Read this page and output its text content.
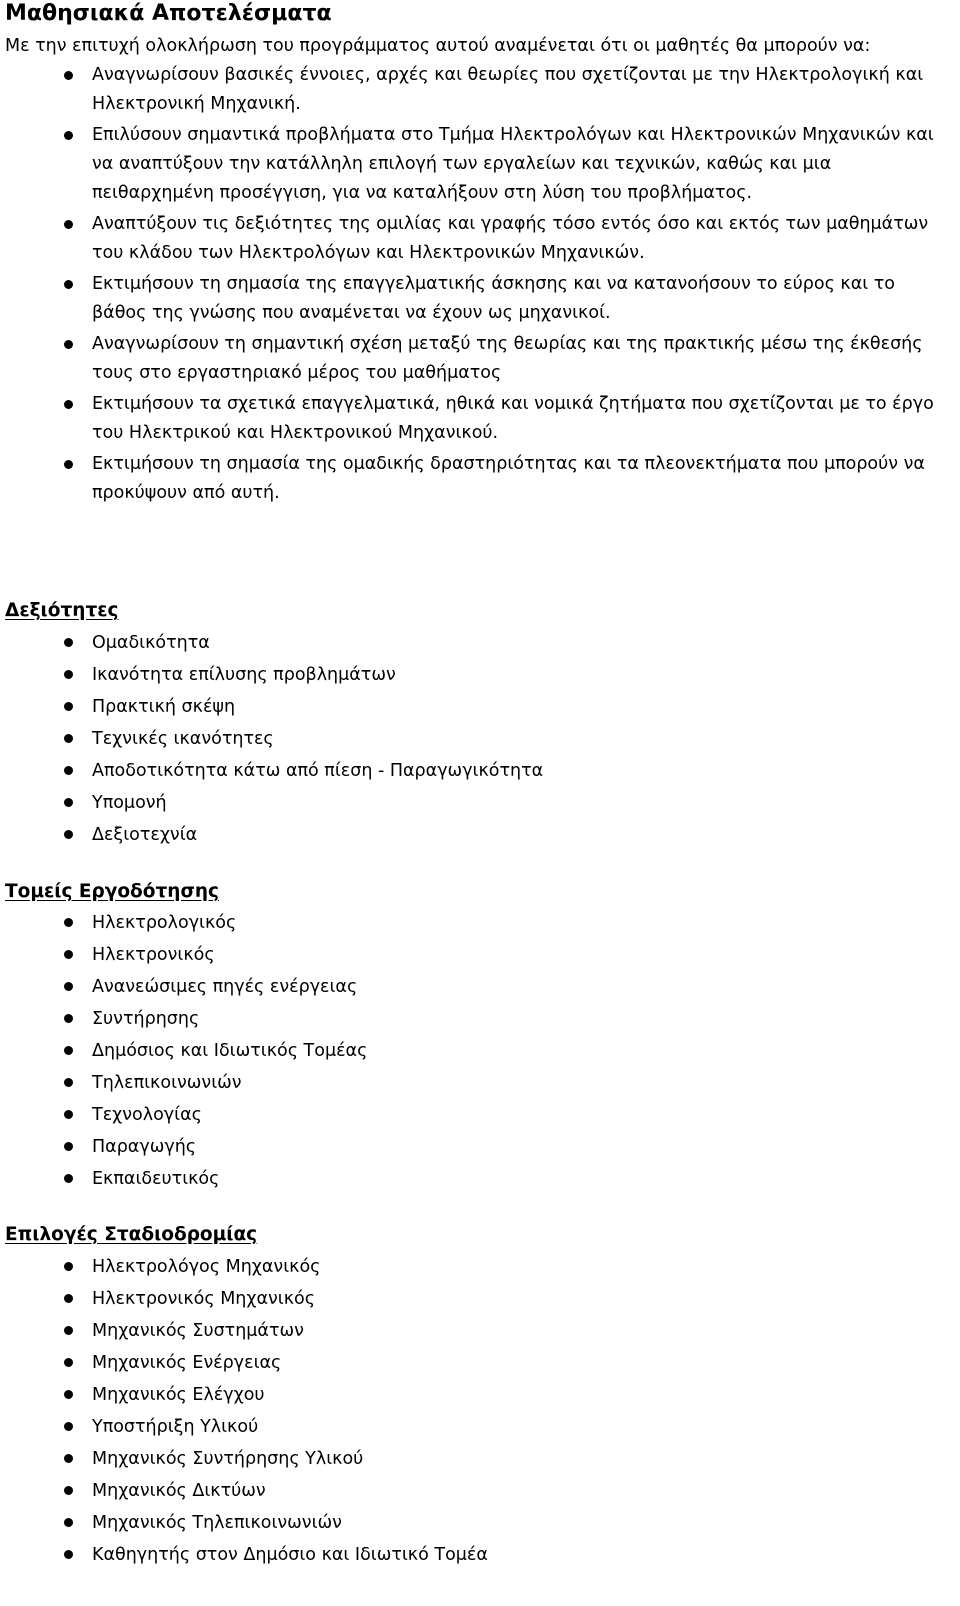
Μαθησιακά Αποτελέσματα

Με την επιτυχή ολοκλήρωση του προγράμματος αυτού αναμένεται ότι οι μαθητές θα μπορούν να:

Αναγνωρίσουν βασικές έννοιες, αρχές και θεωρίες που σχετίζονται με την Ηλεκτρολογική και Ηλεκτρονική Μηχανική.
Επιλύσουν σημαντικά προβλήματα στο Τμήμα Ηλεκτρολόγων και Ηλεκτρονικών Μηχανικών και να αναπτύξουν την κατάλληλη επιλογή των εργαλείων και τεχνικών, καθώς και μια πειθαρχημένη προσέγγιση, για να καταλήξουν στη λύση του προβλήματος.
Αναπτύξουν τις δεξιότητες της ομιλίας και γραφής τόσο εντός όσο και εκτός των μαθημάτων του κλάδου των Ηλεκτρολόγων και Ηλεκτρονικών Μηχανικών.
Εκτιμήσουν τη σημασία της επαγγελματικής άσκησης και να κατανοήσουν το εύρος και το βάθος της γνώσης που αναμένεται να έχουν ως μηχανικοί.
Αναγνωρίσουν τη σημαντική σχέση μεταξύ της θεωρίας και της πρακτικής μέσω της έκθεσής τους στο εργαστηριακό μέρος του μαθήματος
Εκτιμήσουν τα σχετικά επαγγελματικά, ηθικά και νομικά ζητήματα που σχετίζονται με το έργο του Ηλεκτρικού και Ηλεκτρονικού Μηχανικού.
Εκτιμήσουν τη σημασία της ομαδικής δραστηριότητας και τα πλεονεκτήματα που μπορούν να προκύψουν από αυτή.
Δεξιότητες
Ομαδικότητα
Ικανότητα επίλυσης προβλημάτων
Πρακτική σκέψη
Τεχνικές ικανότητες
Αποδοτικότητα κάτω από πίεση - Παραγωγικότητα
Υπομονή
Δεξιοτεχνία
Τομείς Εργοδότησης
Ηλεκτρολογικός
Ηλεκτρονικός
Ανανεώσιμες πηγές ενέργειας
Συντήρησης
Δημόσιος και Ιδιωτικός Τομέας
Τηλεπικοινωνιών
Τεχνολογίας
Παραγωγής
Εκπαιδευτικός
Επιλογές Σταδιοδρομίας
Ηλεκτρολόγος Μηχανικός
Ηλεκτρονικός Μηχανικός
Μηχανικός Συστημάτων
Μηχανικός Ενέργειας
Μηχανικός Ελέγχου
Υποστήριξη Υλικού
Μηχανικός Συντήρησης Υλικού
Μηχανικός Δικτύων
Μηχανικός Τηλεπικοινωνιών
Καθηγητής στον Δημόσιο και Ιδιωτικό Τομέα
